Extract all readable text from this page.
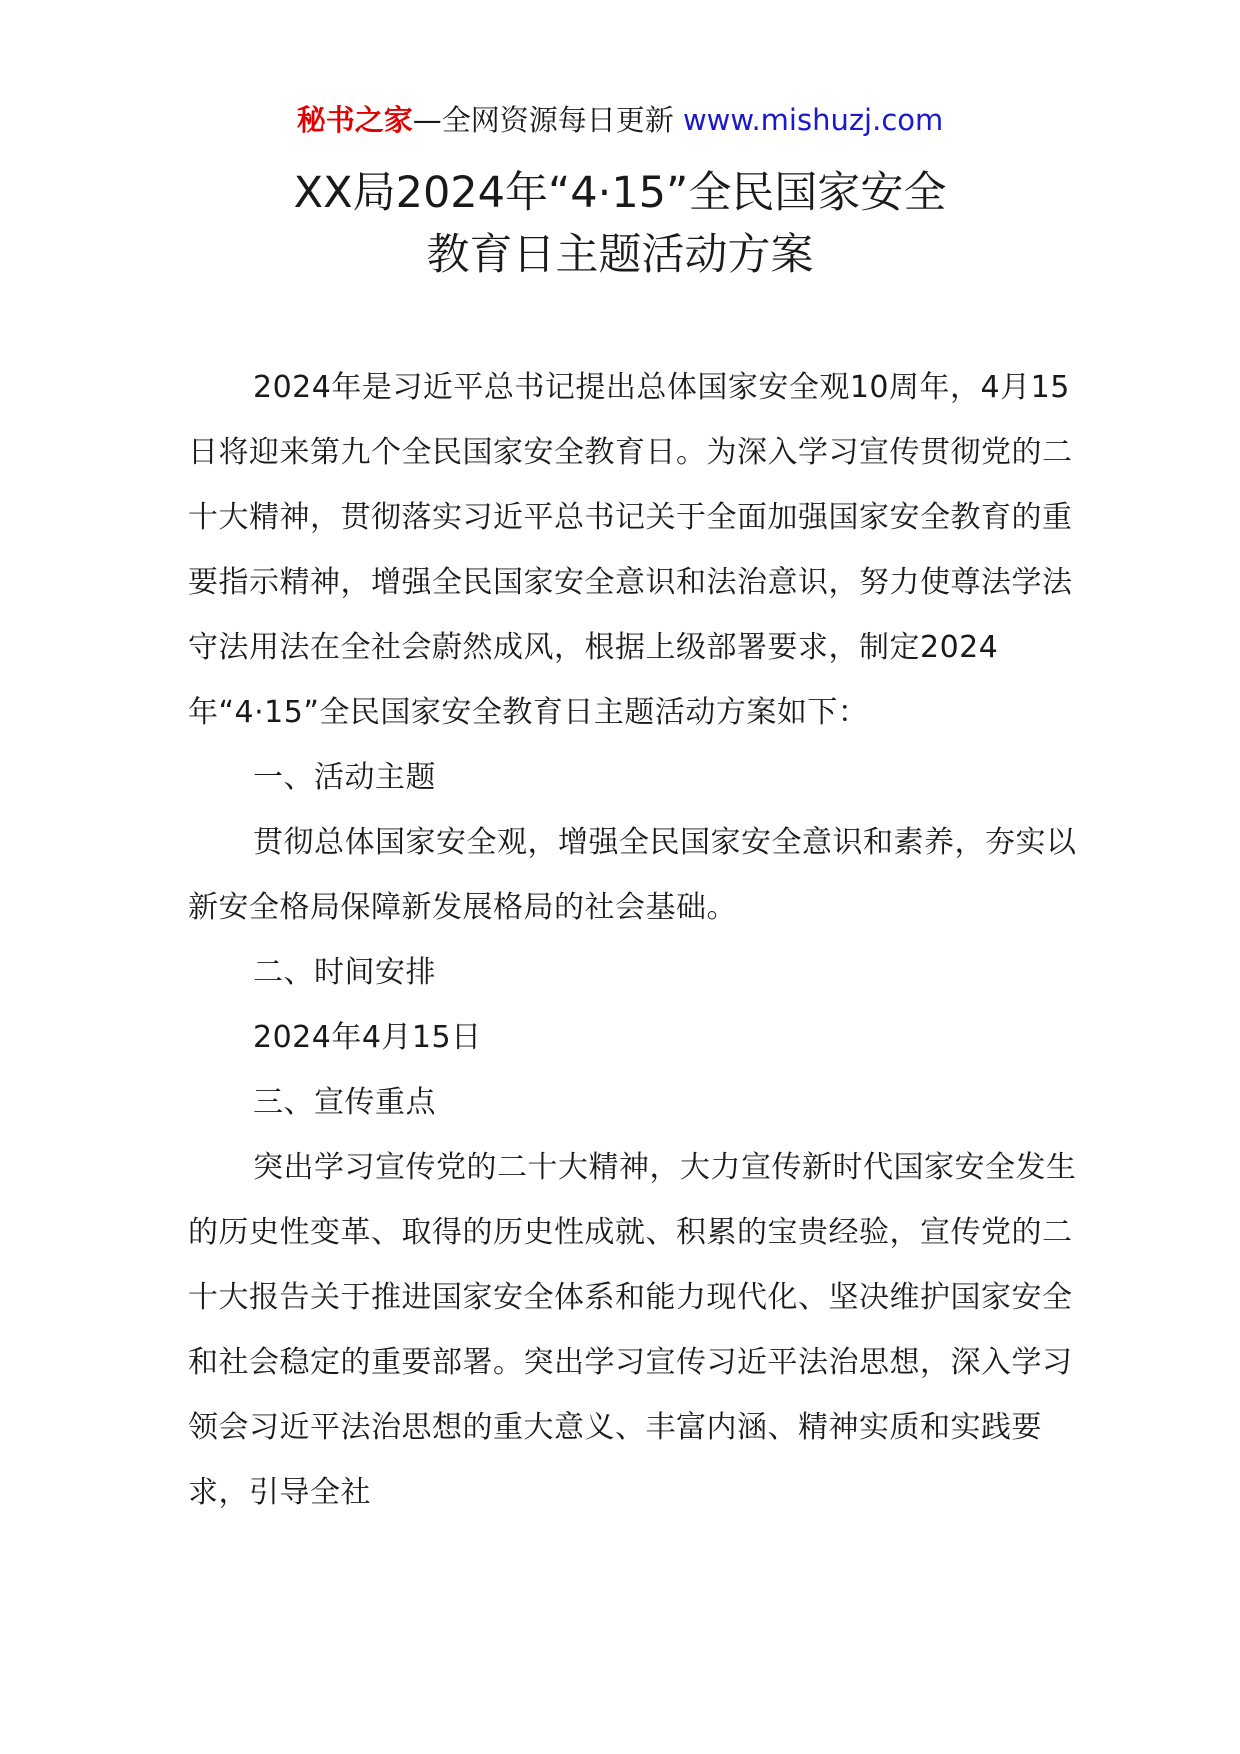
秘书之家—全网资源每日更新 www.mishuzj.com
XX局2024年“4·15”全民国家安全
教育日主题活动方案

2024年是习近平总书记提出总体国家安全观10周年，4月15日将迎来第九个全民国家安全教育日。为深入学习宣传贯彻党的二十大精神，贯彻落实习近平总书记关于全面加强国家安全教育的重要指示精神，增强全民国家安全意识和法治意识，努力使尊法学法守法用法在全社会蔚然成风，根据上级部署要求，制定2024年“4·15”全民国家安全教育日主题活动方案如下：

一、活动主题

贯彻总体国家安全观，增强全民国家安全意识和素养，夯实以新安全格局保障新发展格局的社会基础。

二、时间安排

2024年4月15日

三、宣传重点

突出学习宣传党的二十大精神，大力宣传新时代国家安全发生的历史性变革、取得的历史性成就、积累的宝贵经验，宣传党的二十大报告关于推进国家安全体系和能力现代化、坚决维护国家安全和社会稳定的重要部署。突出学习宣传习近平法治思想，深入学习领会习近平法治思想的重大意义、丰富内涵、精神实质和实践要求，引导全社
